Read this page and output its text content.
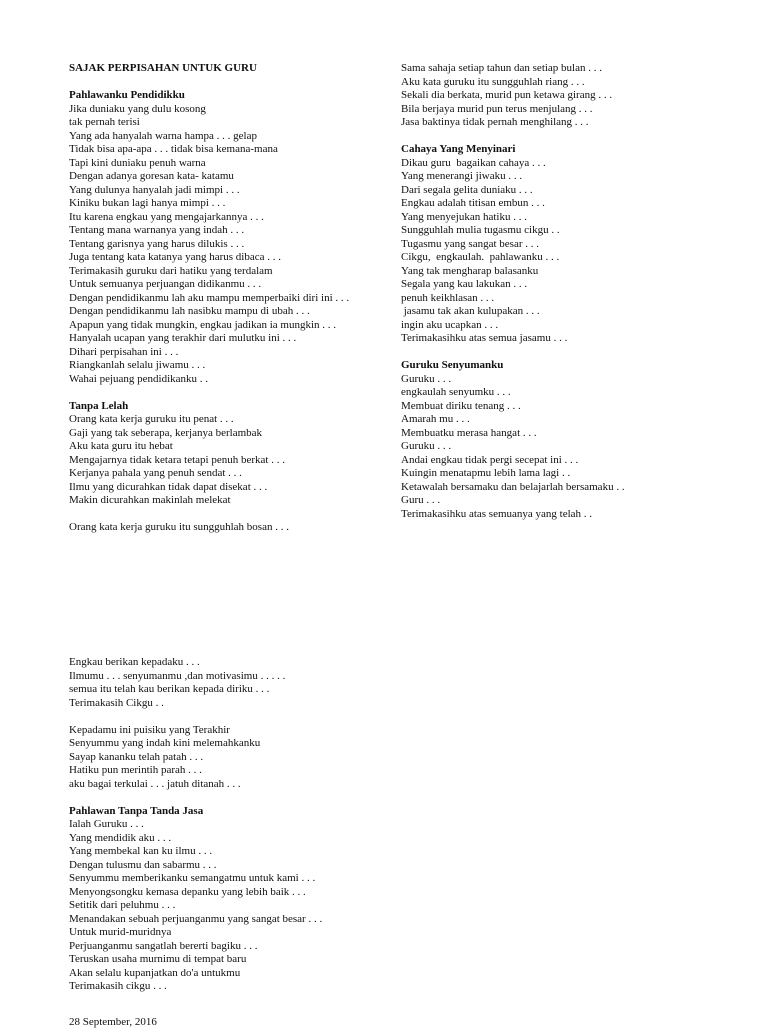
SAJAK PERPISAHAN UNTUK GURU
Pahlawanku Pendidikku
Jika duniaku yang dulu kosong
tak pernah terisi
Yang ada hanyalah warna hampa . . . gelap
Tidak bisa apa-apa . . . tidak bisa kemana-mana
Tapi kini duniaku penuh warna
Dengan adanya goresan kata- katamu
Yang dulunya hanyalah jadi mimpi . . .
Kiniku bukan lagi hanya mimpi . . .
Itu karena engkau yang mengajarkannya . . .
Tentang mana warnanya yang indah . . .
Tentang garisnya yang harus dilukis . . .
Juga tentang kata katanya yang harus dibaca . . .
Terimakasih guruku dari hatiku yang terdalam
Untuk semuanya perjuangan didikanmu . . .
Dengan pendidikanmu lah aku mampu memperbaiki diri ini . . .
Dengan pendidikanmu lah nasibku mampu di ubah . . .
Apapun yang tidak mungkin, engkau jadikan ia mungkin . . .
Hanyalah ucapan yang terakhir dari mulutku ini . . .
Dihari perpisahan ini . . .
Riangkanlah selalu jiwamu . . .
Wahai pejuang pendidikanku . .
Tanpa Lelah
Orang kata kerja guruku itu penat . . .
Gaji yang tak seberapa, kerjanya berlambak
Aku kata guru itu hebat
Mengajarnya tidak ketara tetapi penuh berkat . . .
Kerjanya pahala yang penuh sendat . . .
Ilmu yang dicurahkan tidak dapat disekat . . .
Makin dicurahkan makinlah melekat
Orang kata kerja guruku itu sungguhlah bosan . . .
Sama sahaja setiap tahun dan setiap bulan . . .
Aku kata guruku itu sungguhlah riang . . .
Sekali dia berkata, murid pun ketawa girang . . .
Bila berjaya murid pun terus menjulang . . .
Jasa baktinya tidak pernah menghilang . . .
Cahaya Yang Menyinari
Dikau guru  bagaikan cahaya . . .
Yang menerangi jiwaku . . .
Dari segala gelita duniaku . . .
Engkau adalah titisan embun . . .
Yang menyejukan hatiku . . .
Sungguhlah mulia tugasmu cikgu . .
Tugasmu yang sangat besar . . .
Cikgu,  engkaulah.  pahlawanku . . .
Yang tak mengharap balasanku
Segala yang kau lakukan . . .
penuh keikhlasan . . .
jasamu tak akan kulupakan . . .
ingin aku ucapkan . . .
Terimakasihku atas semua jasamu . . .
Guruku Senyumanku
Guruku . . .
engkaulah senyumku . . .
Membuat diriku tenang . . .
Amarah mu . . .
Membuatku merasa hangat . . .
Guruku . . .
Andai engkau tidak pergi secepat ini . . .
Kuingin menatapmu lebih lama lagi . .
Ketawalah bersamaku dan belajarlah bersamaku . .
Guru . . .
Terimakasihku atas semuanya yang telah . .
Engkau berikan kepadaku . . .
Ilmumu . . . senyumanmu ,dan motivasimu . . . . .
semua itu telah kau berikan kepada diriku . . .
Terimakasih Cikgu . .
Kepadamu ini puisiku yang Terakhir
Senyummu yang indah kini melemahkanku
Sayap kananku telah patah . . .
Hatiku pun merintih parah . . .
aku bagai terkulai . . . jatuh ditanah . . .
Pahlawan Tanpa Tanda Jasa
Ialah Guruku . . .
Yang mendidik aku . . .
Yang membekal kan ku ilmu . . .
Dengan tulusmu dan sabarmu . . .
Senyummu memberikanku semangatmu untuk kami . . .
Menyongsongku kemasa depanku yang lebih baik . . .
Setitik dari peluhmu . . .
Menandakan sebuah perjuanganmu yang sangat besar . . .
Untuk murid-muridnya
Perjuanganmu sangatlah bererti bagiku . . .
Teruskan usaha murnimu di tempat baru
Akan selalu kupanjatkan do'a untukmu
Terimakasih cikgu . . .
28 September, 2016
